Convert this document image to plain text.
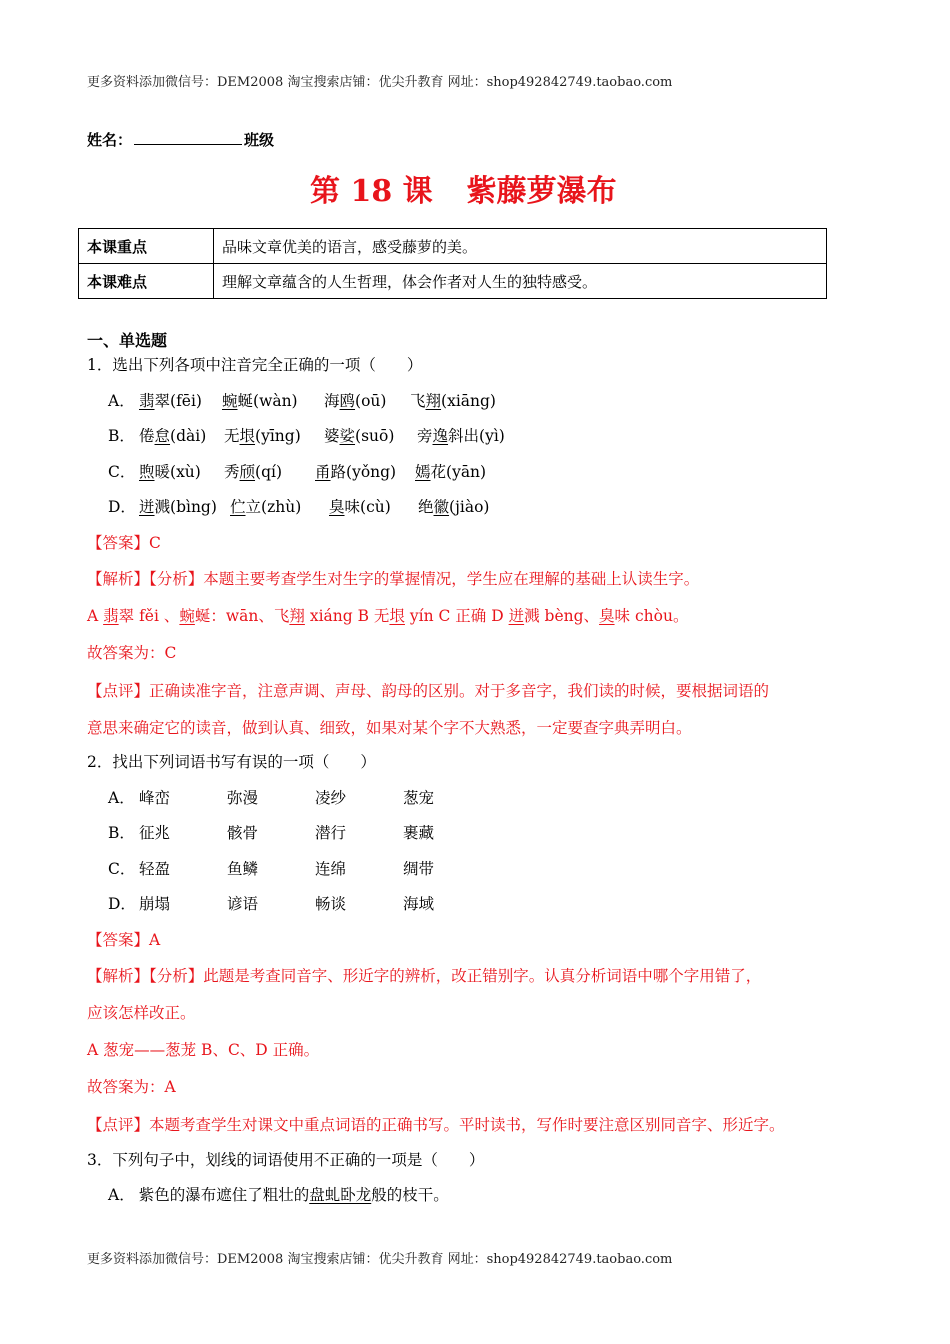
更多资料添加微信号：DEM2008 淘宝搜索店铺：优尖升教育 网址：shop492842749.taobao.com
姓名：	班级
第 18 课 紫藤萝瀑布
本课重点	品味文章优美的语言，感受藤萝的美。
本课难点	理解文章蕴含的人生哲理，体会作者对人生的独特感受。
一、单选题
1．选出下列各项中注音完全正确的一项（　　）
A． 翡翠(fēi) 蜿蜒(wàn) 海鸥(oū) 飞翔(xiāng)
B． 倦怠(dài) 无垠(yīng) 婆娑(suō) 旁逸斜出(yì)
C． 煦暖(xù) 秀颀(qí) 甬路(yǒng) 嫣花(yān)
D． 迸溅(bìng) 伫立(zhù) 臭味(cù) 绝徽(jiào)
【答案】C
【解析】【分析】本题主要考查学生对生字的掌握情况，学生应在理解的基础上认读生字。
A 翡翠 fěi 、蜿蜒：wān、飞翔 xiáng B 无垠 yín C 正确 D 迸溅 bèng、臭味 chòu。
故答案为：C
【点评】正确读准字音，注意声调、声母、韵母的区别。对于多音字，我们读的时候，要根据词语的
意思来确定它的读音，做到认真、细致，如果对某个字不大熟悉，一定要查字典弄明白。
2．找出下列词语书写有误的一项（　　）
A． 峰峦	弥漫	凌纱	葱宠
B． 征兆	骸骨	潜行	裹藏
C． 轻盈	鱼鳞	连绵	绸带
D． 崩塌	谚语	畅谈	海域
【答案】A
【解析】【分析】此题是考查同音字、形近字的辨析，改正错别字。认真分析词语中哪个字用错了，
应该怎样改正。
A 葱宠——葱茏 B、C、D 正确。
故答案为：A
【点评】本题考查学生对课文中重点词语的正确书写。平时读书，写作时要注意区别同音字、形近字。
3．下列句子中，划线的词语使用不正确的一项是（　　）
A． 紫色的瀑布遮住了粗壮的盘虬卧龙般的枝干。
更多资料添加微信号：DEM2008 淘宝搜索店铺：优尖升教育 网址：shop492842749.taobao.com
